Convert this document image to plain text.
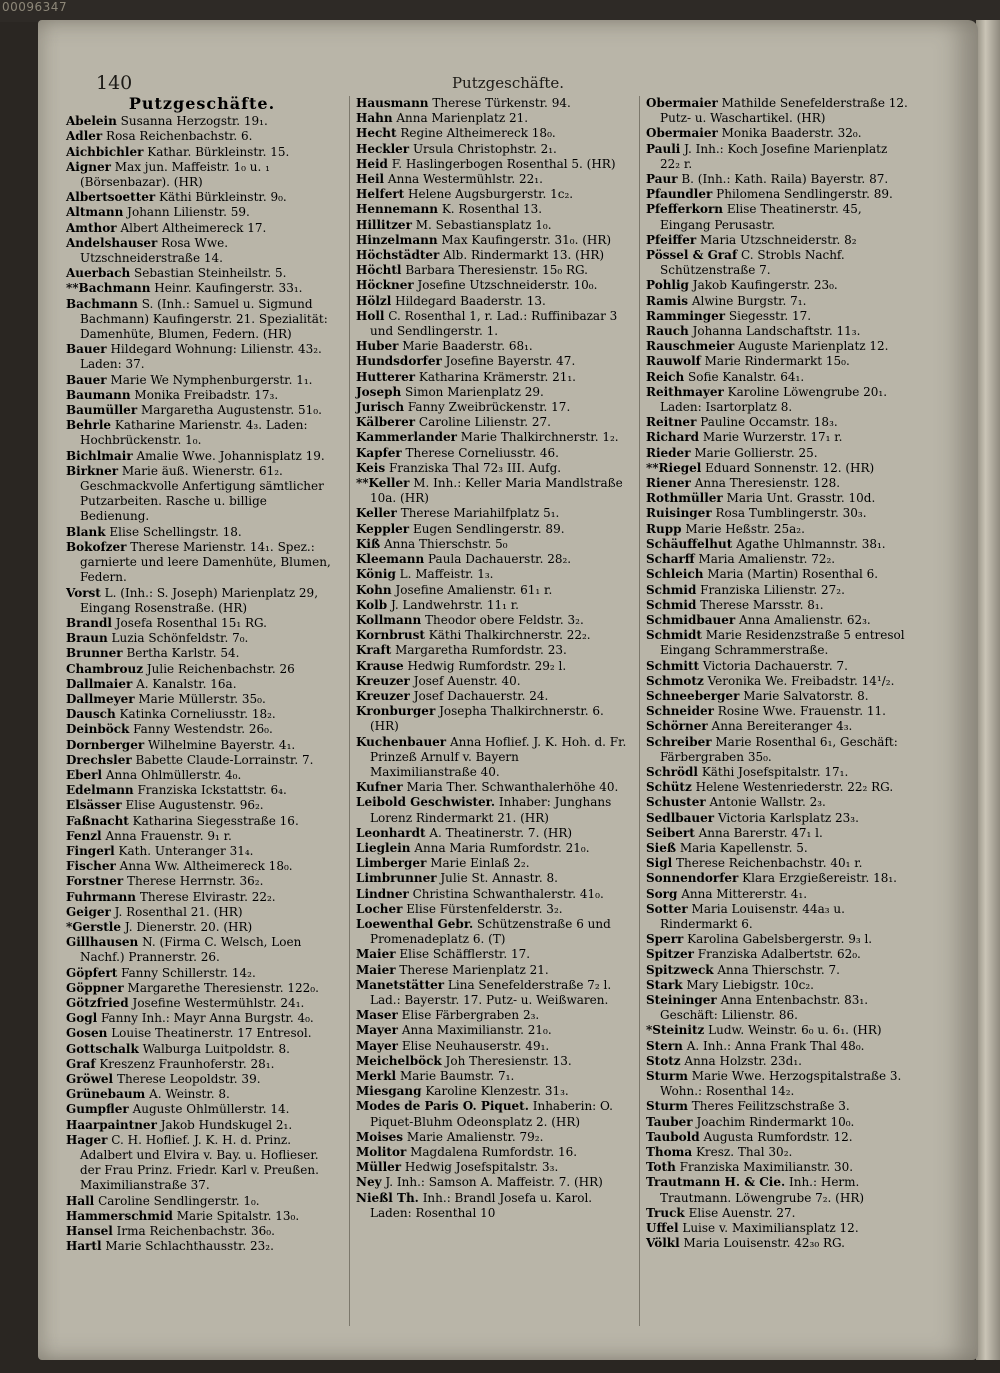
00096347
140	Putzgeschäfte.
Putzgeschäfte.

Abelein Susanna Herzogstr. 19₁.

Adler Rosa Reichenbachstr. 6.

Aichbichler Kathar. Bürkleinstr. 15.

Aigner Max jun. Maffeistr. 1₀ u. ₁ (Börsenbazar). (HR)

Albertsoetter Käthi Bürkleinstr. 9₀.

Altmann Johann Lilienstr. 59.

Amthor Albert Altheimereck 17.

Andelshauser Rosa Wwe. Utzschneiderstraße 14.

Auerbach Sebastian Steinheilstr. 5.

**Bachmann Heinr. Kaufingerstr. 33₁.

Bachmann S. (Inh.: Samuel u. Sigmund Bachmann) Kaufingerstr. 21. Spezialität: Damenhüte, Blumen, Federn. (HR)

Bauer Hildegard Wohnung: Lilienstr. 43₂. Laden: 37.

Bauer Marie We Nymphenburgerstr. 1₁.

Baumann Monika Freibadstr. 17₃.

Baumüller Margaretha Augustenstr. 51₀.

Behrle Katharine Marienstr. 4₃. Laden: Hochbrückenstr. 1₀.

Bichlmair Amalie Wwe. Johannisplatz 19.

Birkner Marie äuß. Wienerstr. 61₂. Geschmackvolle Anfertigung sämtlicher Putzarbeiten. Rasche u. billige Bedienung.

Blank Elise Schellingstr. 18.

Bokofzer Therese Marienstr. 14₁. Spez.: garnierte und leere Damenhüte, Blumen, Federn.

Vorst L. (Inh.: S. Joseph) Marienplatz 29, Eingang Rosenstraße. (HR)

Brandl Josefa Rosenthal 15₁ RG.

Braun Luzia Schönfeldstr. 7₀.

Brunner Bertha Karlstr. 54.

Chambrouz Julie Reichenbachstr. 26

Dallmaier A. Kanalstr. 16a.

Dallmeyer Marie Müllerstr. 35₀.

Dausch Katinka Corneliusstr. 18₂.

Deinböck Fanny Westendstr. 26₀.

Dornberger Wilhelmine Bayerstr. 4₁.

Drechsler Babette Claude-Lorrainstr. 7.

Eberl Anna Ohlmüllerstr. 4₀.

Edelmann Franziska Ickstattstr. 6₄.

Elsässer Elise Augustenstr. 96₂.

Faßnacht Katharina Siegesstraße 16.

Fenzl Anna Frauenstr. 9₁ r.

Fingerl Kath. Unteranger 31₄.

Fischer Anna Ww. Altheimereck 18₀.

Forstner Therese Herrnstr. 36₂.

Fuhrmann Therese Elvirastr. 22₂.

Geiger J. Rosenthal 21. (HR)

*Gerstle J. Dienerstr. 20. (HR)

Gillhausen N. (Firma C. Welsch, Loen Nachf.) Prannerstr. 26.

Göpfert Fanny Schillerstr. 14₂.

Göppner Margarethe Theresienstr. 122₀.

Götzfried Josefine Westermühlstr. 24₁.

Gogl Fanny Inh.: Mayr Anna Burgstr. 4₀.

Gosen Louise Theatinerstr. 17 Entresol.

Gottschalk Walburga Luitpoldstr. 8.

Graf Kreszenz Fraunhoferstr. 28₁.

Gröwel Therese Leopoldstr. 39.

Grünebaum A. Weinstr. 8.

Gumpfler Auguste Ohlmüllerstr. 14.

Haarpaintner Jakob Hundskugel 2₁.

Hager C. H. Hoflief. J. K. H. d. Prinz. Adalbert und Elvira v. Bay. u. Hoflieser. der Frau Prinz. Friedr. Karl v. Preußen. Maximilianstraße 37.

Hall Caroline Sendlingerstr. 1₀.

Hammerschmid Marie Spitalstr. 13₀.

Hansel Irma Reichenbachstr. 36₀.

Hartl Marie Schlachthausstr. 23₂.

Hausmann Therese Türkenstr. 94.

Hahn Anna Marienplatz 21.

Hecht Regine Altheimereck 18₀.

Heckler Ursula Christophstr. 2₁.

Heid F. Haslingerbogen Rosenthal 5. (HR)

Heil Anna Westermühlstr. 22₁.

Helfert Helene Augsburgerstr. 1c₂.

Hennemann K. Rosenthal 13.

Hillitzer M. Sebastiansplatz 1₀.

Hinzelmann Max Kaufingerstr. 31₀. (HR)

Höchstädter Alb. Rindermarkt 13. (HR)

Höchtl Barbara Theresienstr. 15₀ RG.

Höckner Josefine Utzschneiderstr. 10₀.

Hölzl Hildegard Baaderstr. 13.

Holl C. Rosenthal 1, r. Lad.: Ruffinibazar 3 und Sendlingerstr. 1.

Huber Marie Baaderstr. 68₁.

Hundsdorfer Josefine Bayerstr. 47.

Hutterer Katharina Krämerstr. 21₁.

Joseph Simon Marienplatz 29.

Jurisch Fanny Zweibrückenstr. 17.

Kälberer Caroline Lilienstr. 27.

Kammerlander Marie Thalkirchnerstr. 1₂.

Kapfer Therese Corneliusstr. 46.

Keis Franziska Thal 72₃ III. Aufg.

**Keller M. Inh.: Keller Maria Mandlstraße 10a. (HR)

Keller Therese Mariahilfplatz 5₁.

Keppler Eugen Sendlingerstr. 89.

Kiß Anna Thierschstr. 5₀

Kleemann Paula Dachauerstr. 28₂.

König L. Maffeistr. 1₃.

Kohn Josefine Amalienstr. 61₁ r.

Kolb J. Landwehrstr. 11₁ r.

Kollmann Theodor obere Feldstr. 3₂.

Kornbrust Käthi Thalkirchnerstr. 22₂.

Kraft Margaretha Rumfordstr. 23.

Krause Hedwig Rumfordstr. 29₂ l.

Kreuzer Josef Auenstr. 40.

Kreuzer Josef Dachauerstr. 24.

Kronburger Josepha Thalkirchnerstr. 6. (HR)

Kuchenbauer Anna Hoflief. J. K. Hoh. d. Fr. Prinzeß Arnulf v. Bayern Maximilianstraße 40.

Kufner Maria Ther. Schwanthalerhöhe 40.

Leibold Geschwister. Inhaber: Junghans Lorenz Rindermarkt 21. (HR)

Leonhardt A. Theatinerstr. 7. (HR)

Lieglein Anna Maria Rumfordstr. 21₀.

Limberger Marie Einlaß 2₂.

Limbrunner Julie St. Annastr. 8.

Lindner Christina Schwanthalerstr. 41₀.

Locher Elise Fürstenfelderstr. 3₂.

Loewenthal Gebr. Schützenstraße 6 und Promenadeplatz 6. (T)

Maier Elise Schäfflerstr. 17.

Maier Therese Marienplatz 21.

Manetstätter Lina Senefelderstraße 7₂ l. Lad.: Bayerstr. 17. Putz- u. Weißwaren.

Maser Elise Färbergraben 2₃.

Mayer Anna Maximilianstr. 21₀.

Mayer Elise Neuhauserstr. 49₁.

Meichelböck Joh Theresienstr. 13.

Merkl Marie Baumstr. 7₁.

Miesgang Karoline Klenzestr. 31₃.

Modes de Paris O. Piquet. Inhaberin: O. Piquet-Bluhm Odeonsplatz 2. (HR)

Moises Marie Amalienstr. 79₂.

Molitor Magdalena Rumfordstr. 16.

Müller Hedwig Josefspitalstr. 3₃.

Ney J. Inh.: Samson A. Maffeistr. 7. (HR)

Nießl Th. Inh.: Brandl Josefa u. Karol. Laden: Rosenthal 10

Obermaier Mathilde Senefelderstraße 12. Putz- u. Waschartikel. (HR)

Obermaier Monika Baaderstr. 32₀.

Pauli J. Inh.: Koch Josefine Marienplatz 22₂ r.

Paur B. (Inh.: Kath. Raila) Bayerstr. 87.

Pfaundler Philomena Sendlingerstr. 89.

Pfefferkorn Elise Theatinerstr. 45, Eingang Perusastr.

Pfeiffer Maria Utzschneiderstr. 8₂

Pössel & Graf C. Strobls Nachf. Schützenstraße 7.

Pohlig Jakob Kaufingerstr. 23₀.

Ramis Alwine Burgstr. 7₁.

Ramminger Siegesstr. 17.

Rauch Johanna Landschaftstr. 11₃.

Rauschmeier Auguste Marienplatz 12.

Rauwolf Marie Rindermarkt 15₀.

Reich Sofie Kanalstr. 64₁.

Reithmayer Karoline Löwengrube 20₁. Laden: Isartorplatz 8.

Reitner Pauline Occamstr. 18₃.

Richard Marie Wurzerstr. 17₁ r.

Rieder Marie Gollierstr. 25.

**Riegel Eduard Sonnenstr. 12. (HR)

Riener Anna Theresienstr. 128.

Rothmüller Maria Unt. Grasstr. 10d.

Ruisinger Rosa Tumblingerstr. 30₃.

Rupp Marie Heßstr. 25a₂.

Schäuffelhut Agathe Uhlmannstr. 38₁.

Scharff Maria Amalienstr. 72₂.

Schleich Maria (Martin) Rosenthal 6.

Schmid Franziska Lilienstr. 27₂.

Schmid Therese Marsstr. 8₁.

Schmidbauer Anna Amalienstr. 62₃.

Schmidt Marie Residenzstraße 5 entresol Eingang Schrammerstraße.

Schmitt Victoria Dachauerstr. 7.

Schmotz Veronika We. Freibadstr. 14¹/₂.

Schneeberger Marie Salvatorstr. 8.

Schneider Rosine Wwe. Frauenstr. 11.

Schörner Anna Bereiteranger 4₃.

Schreiber Marie Rosenthal 6₁, Geschäft: Färbergraben 35₀.

Schrödl Käthi Josefspitalstr. 17₁.

Schütz Helene Westenriederstr. 22₂ RG.

Schuster Antonie Wallstr. 2₃.

Sedlbauer Victoria Karlsplatz 23₃.

Seibert Anna Barerstr. 47₁ l.

Sieß Maria Kapellenstr. 5.

Sigl Therese Reichenbachstr. 40₁ r.

Sonnendorfer Klara Erzgießereistr. 18₁.

Sorg Anna Mittererstr. 4₁.

Sotter Maria Louisenstr. 44a₃ u. Rindermarkt 6.

Sperr Karolina Gabelsbergerstr. 9₃ l.

Spitzer Franziska Adalbertstr. 62₀.

Spitzweck Anna Thierschstr. 7.

Stark Mary Liebigstr. 10c₂.

Steininger Anna Entenbachstr. 83₁. Geschäft: Lilienstr. 86.

*Steinitz Ludw. Weinstr. 6₀ u. 6₁. (HR)

Stern A. Inh.: Anna Frank Thal 48₀.

Stotz Anna Holzstr. 23d₁.

Sturm Marie Wwe. Herzogspitalstraße 3. Wohn.: Rosenthal 14₂.

Sturm Theres Feilitzschstraße 3.

Tauber Joachim Rindermarkt 10₀.

Taubold Augusta Rumfordstr. 12.

Thoma Kresz. Thal 30₂.

Toth Franziska Maximilianstr. 30.

Trautmann H. & Cie. Inh.: Herm. Trautmann. Löwengrube 7₂. (HR)

Truck Elise Auenstr. 27.

Uffel Luise v. Maximiliansplatz 12.

Völkl Maria Louisenstr. 42₃₀ RG.
